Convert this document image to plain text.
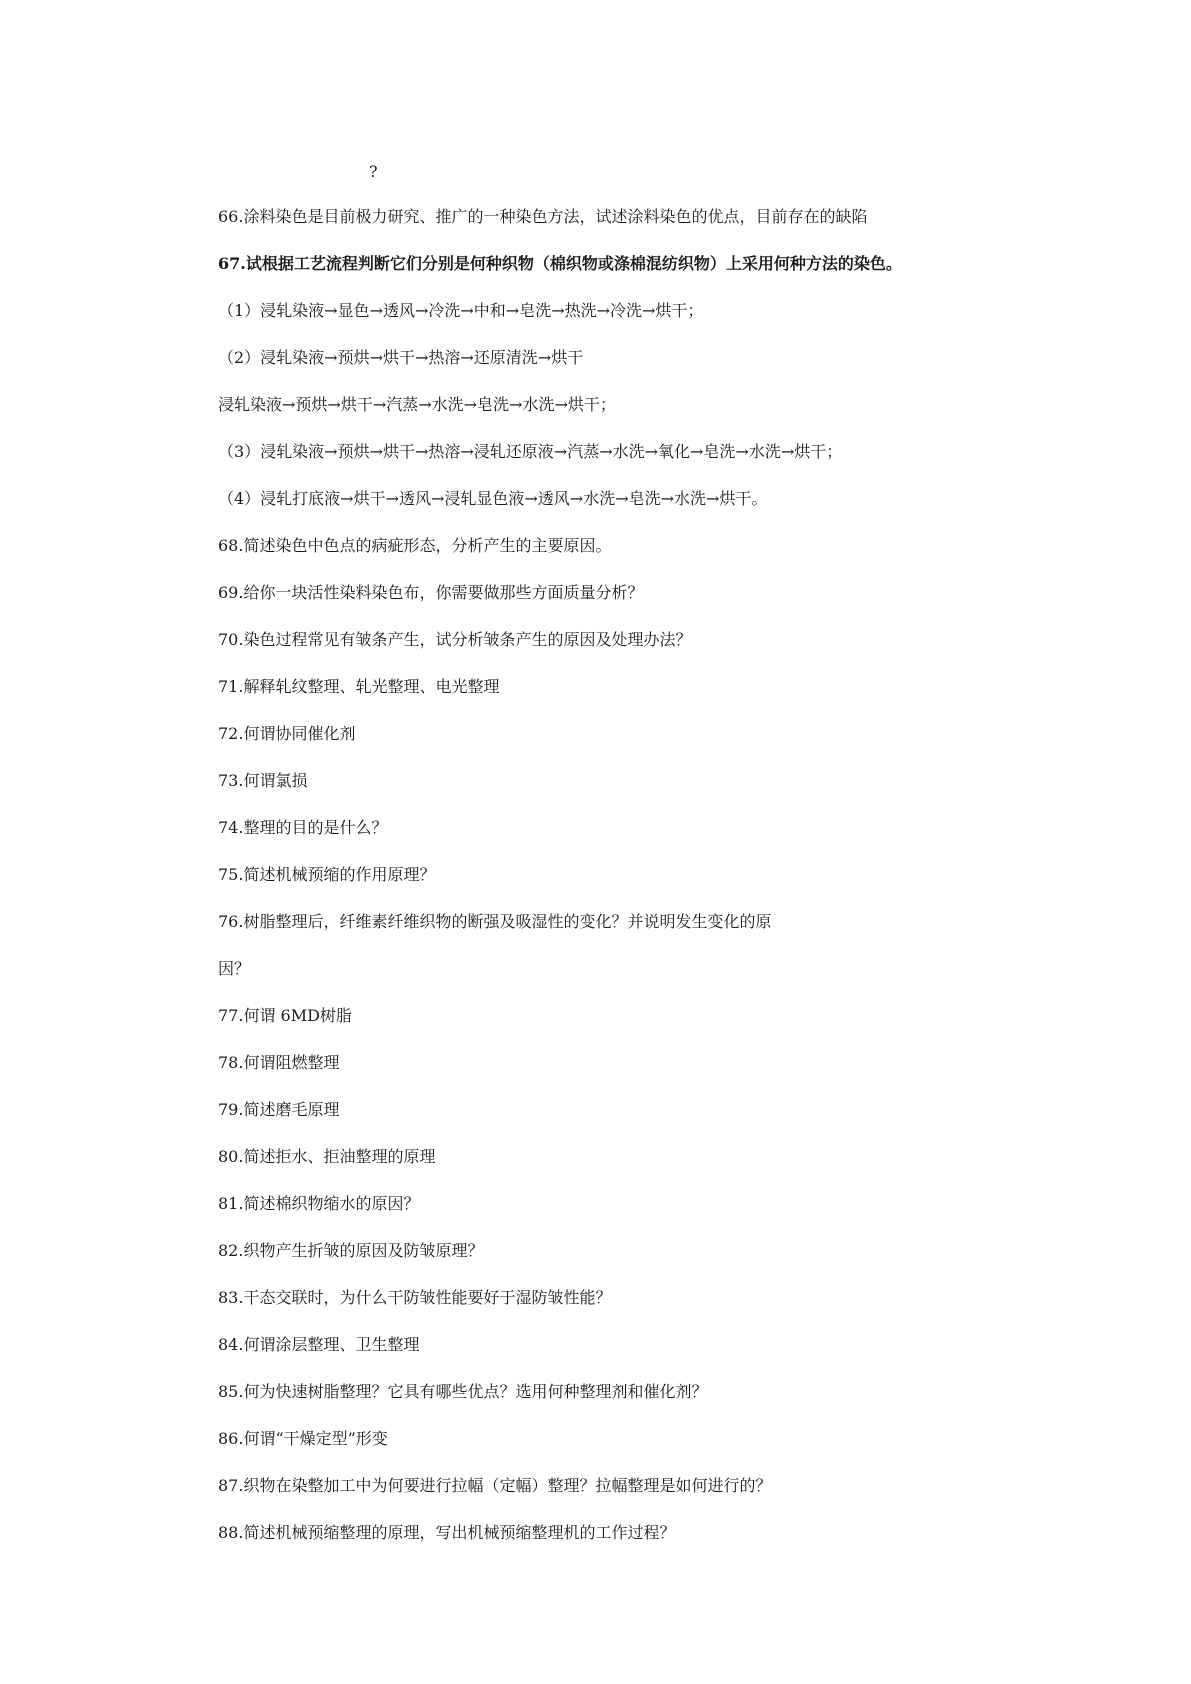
?
66.涂料染色是目前极力研究、推广的一种染色方法，试述涂料染色的优点，目前存在的缺陷
67.试根据工艺流程判断它们分别是何种织物（棉织物或涤棉混纺织物）上采用何种方法的染色。
（1）浸轧染液→显色→透风→冷洗→中和→皂洗→热洗→冷洗→烘干；
（2）浸轧染液→预烘→烘干→热溶→还原清洗→烘干
浸轧染液→预烘→烘干→汽蒸→水洗→皂洗→水洗→烘干；
（3）浸轧染液→预烘→烘干→热溶→浸轧还原液→汽蒸→水洗→氧化→皂洗→水洗→烘干；
（4）浸轧打底液→烘干→透风→浸轧显色液→透风→水洗→皂洗→水洗→烘干。
68.简述染色中色点的病疵形态，分析产生的主要原因。
69.给你一块活性染料染色布，你需要做那些方面质量分析？
70.染色过程常见有皱条产生，试分析皱条产生的原因及处理办法？
71.解释轧纹整理、轧光整理、电光整理
72.何谓协同催化剂
73.何谓氯损
74.整理的目的是什么？
75.简述机械预缩的作用原理？
76.树脂整理后，纤维素纤维织物的断强及吸湿性的变化？并说明发生变化的原
因？
77.何谓 6MD树脂
78.何谓阻燃整理
79.简述磨毛原理
80.简述拒水、拒油整理的原理
81.简述棉织物缩水的原因？
82.织物产生折皱的原因及防皱原理？
83.干态交联时，为什么干防皱性能要好于湿防皱性能？
84.何谓涂层整理、卫生整理
85.何为快速树脂整理？它具有哪些优点？选用何种整理剂和催化剂？
86.何谓“干燥定型”形变
87.织物在染整加工中为何要进行拉幅（定幅）整理？拉幅整理是如何进行的？
88.简述机械预缩整理的原理，写出机械预缩整理机的工作过程？
